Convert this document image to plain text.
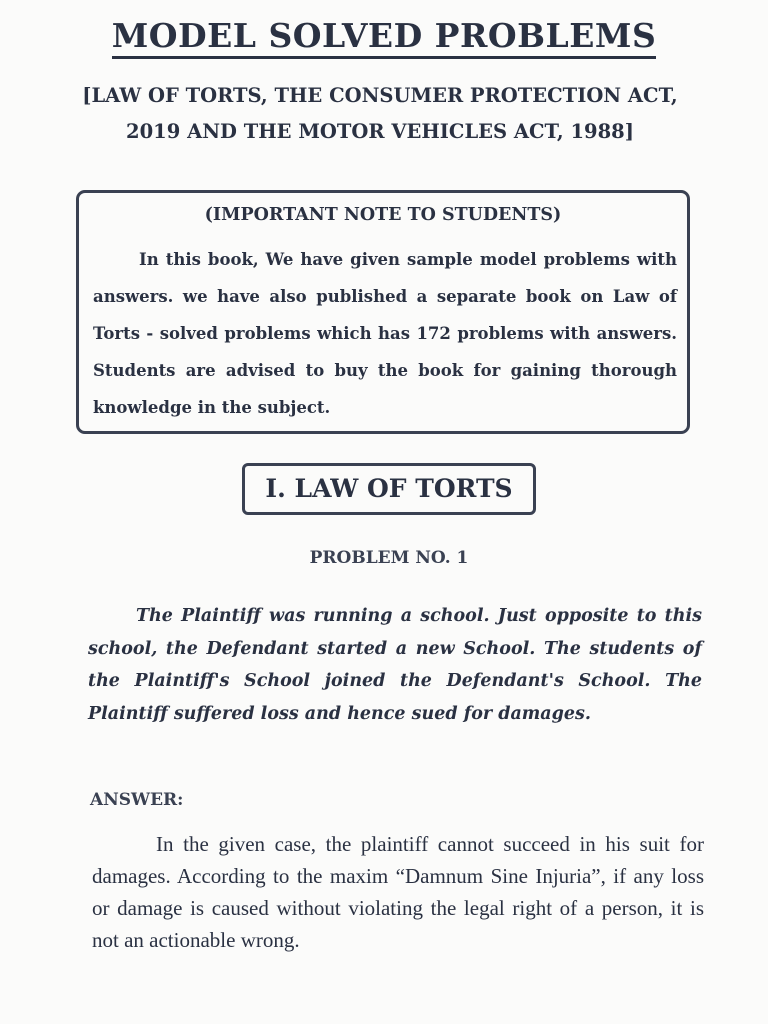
MODEL SOLVED PROBLEMS
[LAW OF TORTS, THE CONSUMER PROTECTION ACT, 2019 AND THE MOTOR VEHICLES ACT, 1988]
(IMPORTANT NOTE TO STUDENTS)
In this book, We have given sample model problems with answers. we have also published a separate book on Law of Torts - solved problems which has 172 problems with answers. Students are advised to buy the book for gaining thorough knowledge in the subject.
I. LAW OF TORTS
PROBLEM NO. 1
The Plaintiff was running a school. Just opposite to this school, the Defendant started a new School. The students of the Plaintiff's School joined the Defendant's School. The Plaintiff suffered loss and hence sued for damages.
ANSWER:
In the given case, the plaintiff cannot succeed in his suit for damages. According to the maxim “Damnum Sine Injuria”, if any loss or damage is caused without violating the legal right of a person, it is not an actionable wrong.
